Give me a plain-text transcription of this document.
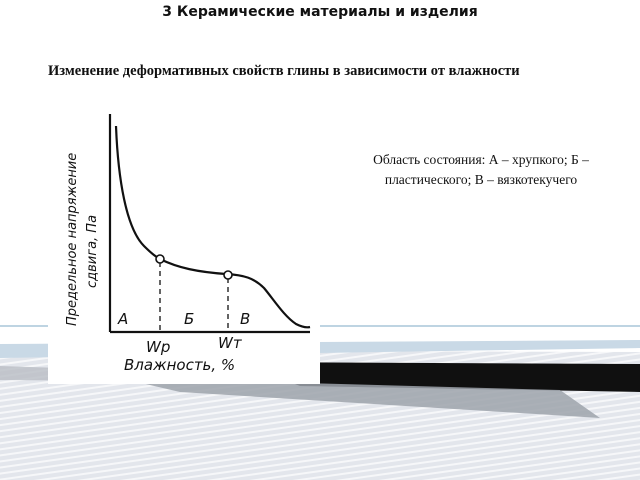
3 Керамические материалы и изделия
Изменение деформативных свойств глины в зависимости от влажности
Область состояния: А – хрупкого; Б – пластического; В – вязкотекучего
Предельное напряжение сдвига, Па
А	Б	В
Wр	Wт
Влажность, %
